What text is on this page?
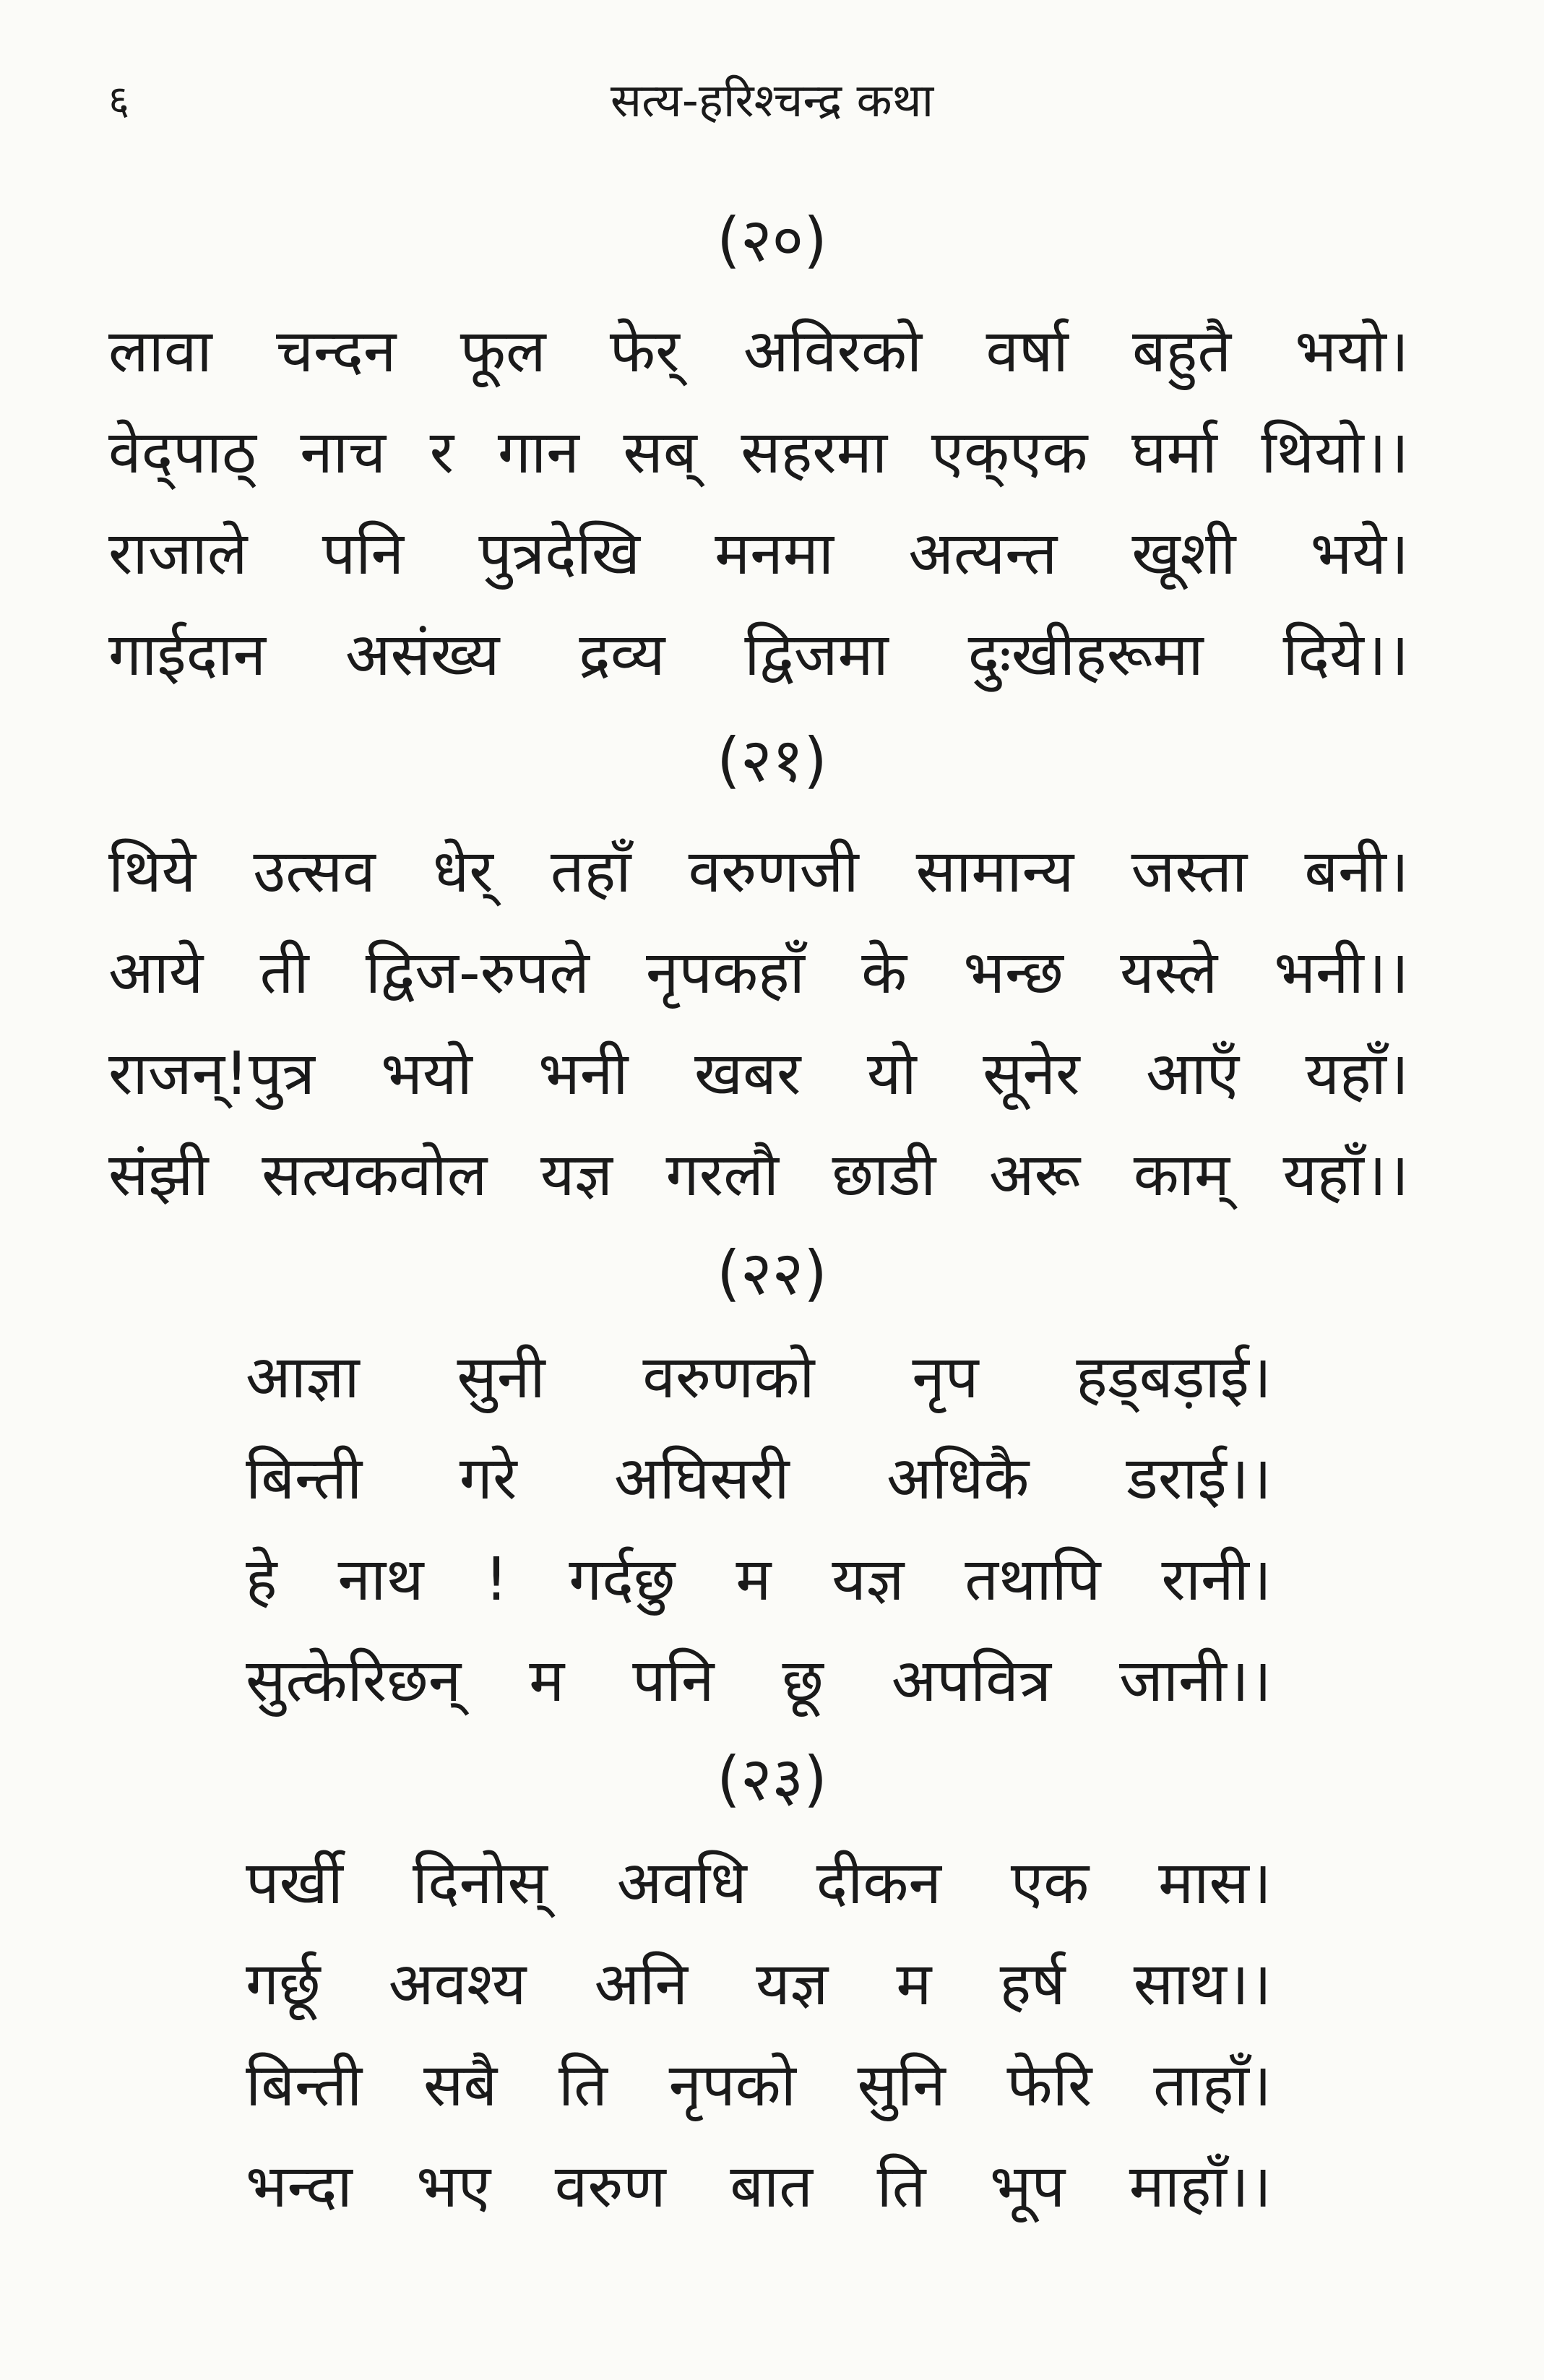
६	सत्य-हरिश्चन्द्र कथा
(२०)
लावा चन्दन फूल फेर् अविरको वर्षा बहुतै भयो।
वेद्पाठ् नाच र गान सब् सहरमा एक्एक घर्मा थियो।।
राजाले पनि पुत्रदेखि मनमा अत्यन्त खूशी भये।
गाईदान असंख्य द्रव्य द्विजमा दुःखीहरूमा दिये।।
(२१)
थिये उत्सव धेर् तहाँ वरुणजी सामान्य जस्ता बनी।
आये ती द्विज-रुपले नृपकहाँ के भन्छ यस्ले भनी।।
राजन्!पुत्र भयो भनी खबर यो सूनेर आएँ यहाँ।
संझी सत्यकवोल यज्ञ गरलौ छाडी अरू काम् यहाँ।।
(२२)
आज्ञा सुनी वरुणको नृप हड्बड़ाई।
बिन्ती गरे अघिसरी अधिकै डराई।।
हे नाथ ! गर्दछु म यज्ञ तथापि रानी।
सुत्केरिछन् म पनि छू अपवित्र जानी।।
(२३)
पर्खी दिनोस् अवधि दीकन एक मास।
गर्छू अवश्य अनि यज्ञ म हर्ष साथ।।
बिन्ती सबै ति नृपको सुनि फेरि ताहाँ।
भन्दा भए वरुण बात ति भूप माहाँ।।
